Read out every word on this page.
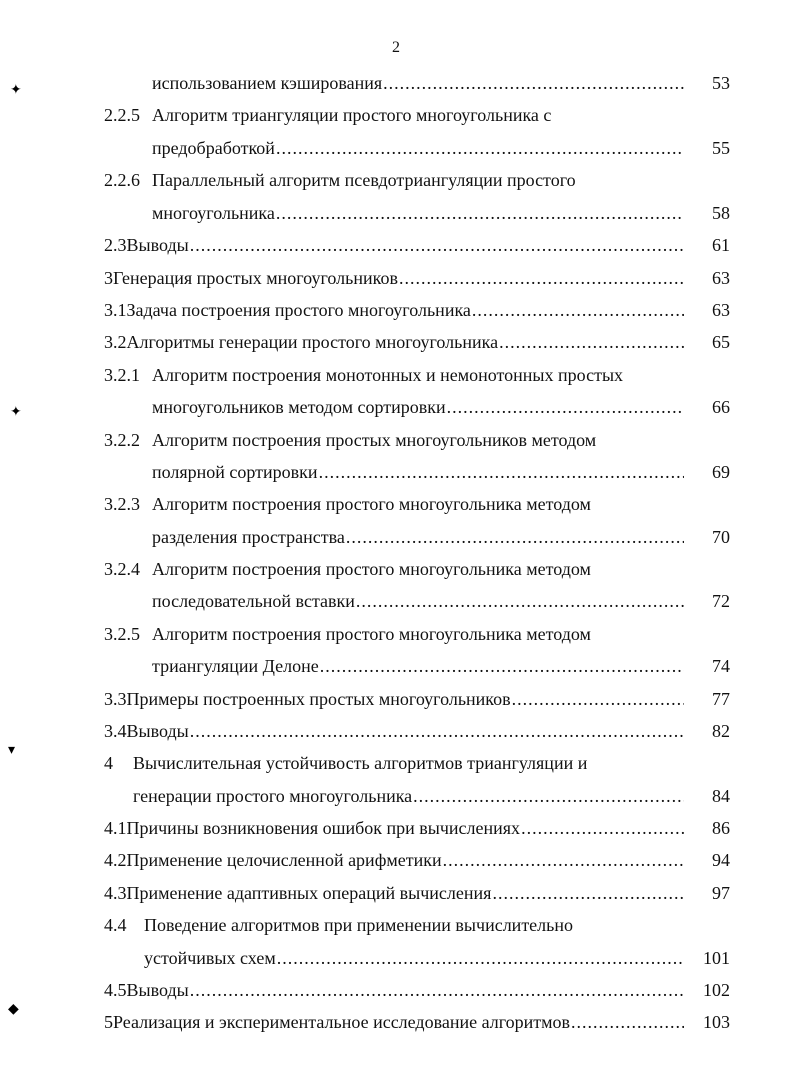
2
✦
✦
▾
◆
использованием кэширования .....	53
2.2.5 Алгоритм триангуляции простого многоугольника с
предобработкой .....	55
2.2.6 Параллельный алгоритм псевдотриангуляции простого
многоугольника .....	58
2.3 Выводы .....	61
3 Генерация простых многоугольников .....	63
3.1 Задача построения простого многоугольника .....	63
3.2 Алгоритмы генерации простого многоугольника .....	65
3.2.1 Алгоритм построения монотонных и немонотонных простых
многоугольников методом сортировки .....	66
3.2.2 Алгоритм построения простых многоугольников методом
полярной сортировки .....	69
3.2.3 Алгоритм построения простого многоугольника методом
разделения пространства .....	70
3.2.4 Алгоритм построения простого многоугольника методом
последовательной вставки .....	72
3.2.5 Алгоритм построения простого многоугольника методом
триангуляции Делоне .....	74
3.3 Примеры построенных простых многоугольников .....	77
3.4 Выводы .....	82
4 Вычислительная устойчивость алгоритмов триангуляции и
генерации простого многоугольника .....	84
4.1 Причины возникновения ошибок при вычислениях .....	86
4.2 Применение целочисленной арифметики .....	94
4.3 Применение адаптивных операций вычисления .....	97
4.4 Поведение алгоритмов при применении вычислительно
устойчивых схем .....	101
4.5 Выводы .....	102
5 Реализация и экспериментальное исследование алгоритмов .....	103
